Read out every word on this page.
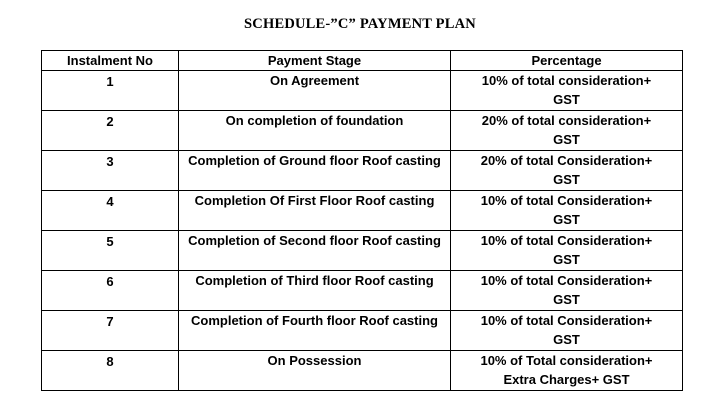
SCHEDULE-”C” PAYMENT PLAN
Instalment No	Payment Stage	Percentage
1	On Agreement	10% of total consideration+
GST

2	On completion of foundation	20% of total consideration+
GST

3	Completion of Ground floor Roof casting	20% of total Consideration+
GST

4	Completion Of First Floor Roof casting	10% of total Consideration+
GST

5	Completion of Second floor Roof casting	10% of total Consideration+
GST

6	Completion of Third floor Roof casting	10% of total Consideration+
GST

7	Completion of Fourth floor Roof casting	10% of total Consideration+
GST

8	On Possession	10% of Total consideration+
Extra Charges+ GST
